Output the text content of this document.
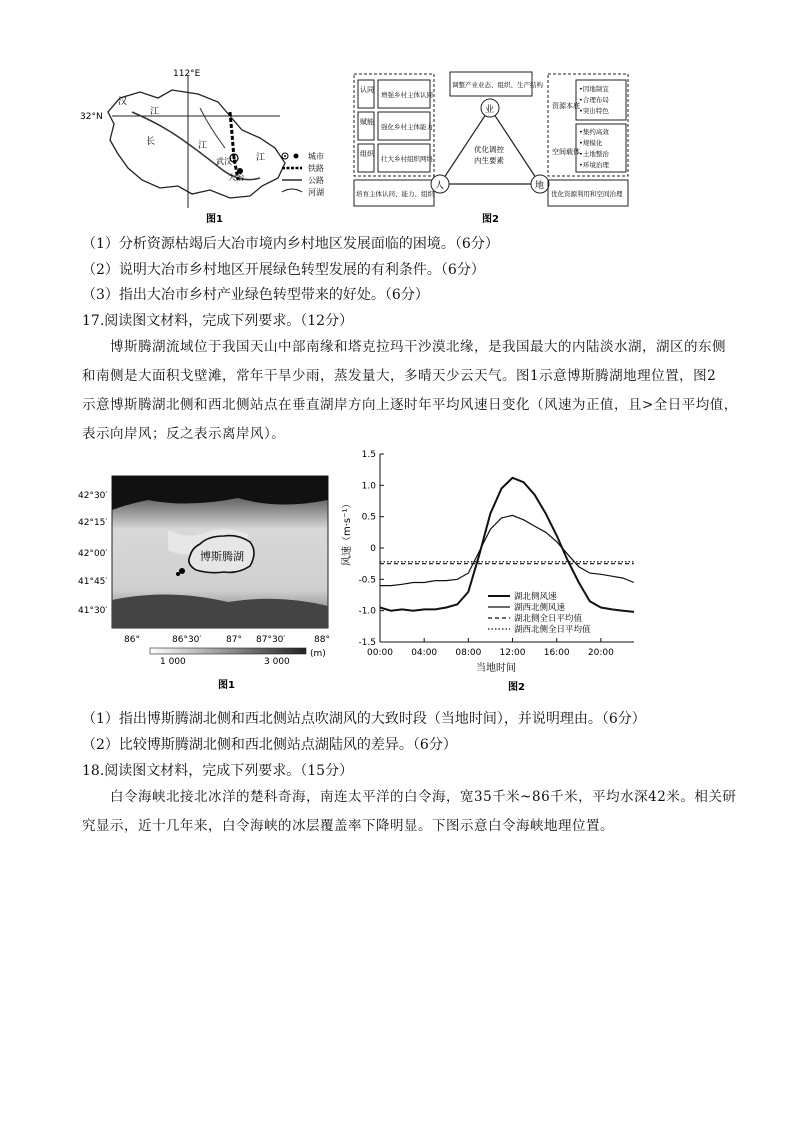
112°E
32°N
汉
江
长	江
武汉	江
大冶
城市
铁路
公路
河湖
图1
认同
赋能
组织
增强乡村主体认同
强化乡村主体能力
壮大乡村组织网络
培育主体认同、能力、组织
调整产业业态、组织、生产结构
业
人	地
优化调控
内生要素
资源本底
空间载体
•因地制宜
•合理布局
•突出特色
•集约高效
•规模化
•土地整治
•环境治理
优化资源利用和空间治理
图2
（1）分析资源枯竭后大冶市境内乡村地区发展面临的困境。（6分）
（2）说明大冶市乡村地区开展绿色转型发展的有利条件。（6分）
（3）指出大冶市乡村产业绿色转型带来的好处。（6分）
17.阅读图文材料，完成下列要求。（12分）

博斯腾湖流域位于我国天山中部南缘和塔克拉玛干沙漠北缘，是我国最大的内陆淡水湖，湖区的东侧

和南侧是大面积戈壁滩，常年干旱少雨，蒸发量大，多晴天少云天气。图1示意博斯腾湖地理位置，图2

示意博斯腾湖北侧和西北侧站点在垂直湖岸方向上逐时年平均风速日变化（风速为正值，且>全日平均值，

表示向岸风；反之表示离岸风）。

博斯腾湖
42°30′
42°15′
42°00′
41°45′
41°30′
86°	86°30′	87° 87°30′	88°
1 000	3 000
(m)
图1
风速（m·s⁻¹）
当地时间
图2
1.5
1.0
0.5
0
-0.5
-1.0
-1.5
00:00 04:00 08:00 12:00 16:00 20:00
湖北侧风速
湖西北侧风速
湖北侧全日平均值
湖西北侧全日平均值
（1）指出博斯腾湖北侧和西北侧站点吹湖风的大致时段（当地时间），并说明理由。（6分）
（2）比较博斯腾湖北侧和西北侧站点湖陆风的差异。（6分）
18.阅读图文材料，完成下列要求。（15分）

白令海峡北接北冰洋的楚科奇海，南连太平洋的白令海，宽35千米~86千米，平均水深42米。相关研

究显示，近十几年来，白令海峡的冰层覆盖率下降明显。下图示意白令海峡地理位置。
